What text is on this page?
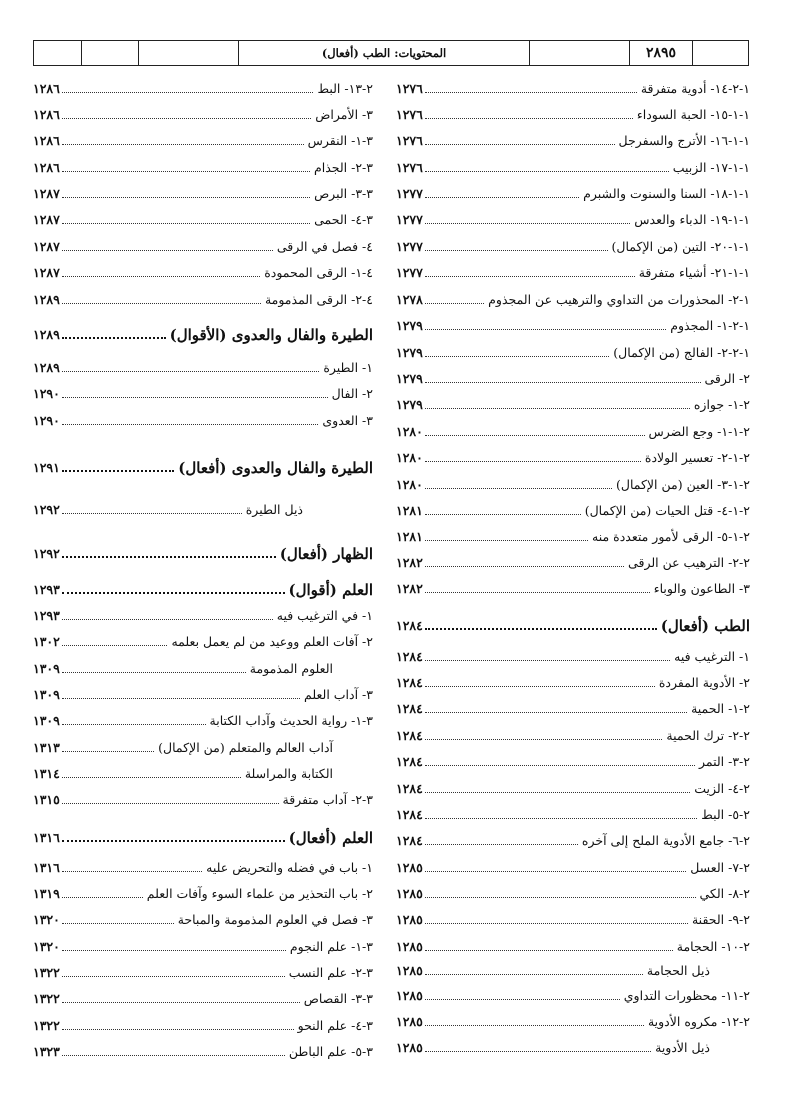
المحتويات: الطب (أفعال)	٢٨٩٥
١-٢-١٤- أدوية متفرقة
١٢٧٦
١-١-١٥- الحبة السوداء
١٢٧٦
١-١-١٦- الأترج والسفرجل
١٢٧٦
١-١-١٧- الزبيب
١٢٧٦
١-١-١٨- السنا والسنوت والشبرم
١٢٧٧
١-١-١٩- الدباء والعدس
١٢٧٧
١-١-٢٠- التين (من الإكمال)
١٢٧٧
١-١-٢١- أشياء متفرقة
١٢٧٧
١-٢- المحذورات من التداوي والترهيب عن المجذوم
١٢٧٨
١-٢-١- المجذوم
١٢٧٩
١-٢-٢- الفالج (من الإكمال)
١٢٧٩
٢- الرقى
١٢٧٩
٢-١- جوازه
١٢٧٩
٢-١-١- وجع الضرس
١٢٨٠
٢-١-٢- تعسير الولادة
١٢٨٠
٢-١-٣- العين (من الإكمال)
١٢٨٠
٢-١-٤- قتل الحيات (من الإكمال)
١٢٨١
٢-١-٥- الرقى لأمور متعددة منه
١٢٨١
٢-٢- الترهيب عن الرقى
١٢٨٢
٣- الطاعون والوباء
١٢٨٢
الطب (أفعال)
١٢٨٤
١- الترغيب فيه
١٢٨٤
٢- الأدوية المفردة
١٢٨٤
٢-١- الحمية
١٢٨٤
٢-٢- ترك الحمية
١٢٨٤
٢-٣- التمر
١٢٨٤
٢-٤- الزيت
١٢٨٤
٢-٥- البط
١٢٨٤
٢-٦- جامع الأدوية الملح إلى آخره
١٢٨٤
٢-٧- العسل
١٢٨٥
٢-٨- الكي
١٢٨٥
٢-٩- الحقنة
١٢٨٥
٢-١٠- الحجامة
١٢٨٥
ذيل الحجامة
١٢٨٥
٢-١١- محظورات التداوي
١٢٨٥
٢-١٢- مكروه الأدوية
١٢٨٥
ذيل الأدوية
١٢٨٥
٢-١٣- البط
١٢٨٦
٣- الأمراض
١٢٨٦
٣-١- النقرس
١٢٨٦
٣-٢- الجذام
١٢٨٦
٣-٣- البرص
١٢٨٧
٣-٤- الحمى
١٢٨٧
٤- فصل في الرقى
١٢٨٧
٤-١- الرقى المحمودة
١٢٨٧
٤-٢- الرقى المذمومة
١٢٨٩
الطيرة والفال والعدوى (الأقوال)
١٢٨٩
١- الطيرة
١٢٨٩
٢- الفال
١٢٩٠
٣- العدوى
١٢٩٠
الطيرة والفال والعدوى (أفعال)
١٢٩١
ذيل الطيرة
١٢٩٢
الظهار (أفعال)
١٢٩٢
العلم (أقوال)
١٢٩٣
١- في الترغيب فيه
١٢٩٣
٢- آفات العلم ووعيد من لم يعمل بعلمه
١٣٠٢
العلوم المذمومة
١٣٠٩
٣- آداب العلم
١٣٠٩
٣-١- رواية الحديث وآداب الكتابة
١٣٠٩
آداب العالم والمتعلم (من الإكمال)
١٣١٣
الكتابة والمراسلة
١٣١٤
٣-٢- آداب متفرقة
١٣١٥
العلم (أفعال)
١٣١٦
١- باب في فضله والتحريض عليه
١٣١٦
٢- باب التحذير من علماء السوء وآفات العلم
١٣١٩
٣- فصل في العلوم المذمومة والمباحة
١٣٢٠
٣-١- علم النجوم
١٣٢٠
٣-٢- علم النسب
١٣٢٢
٣-٣- القصاص
١٣٢٢
٣-٤- علم النحو
١٣٢٢
٣-٥- علم الباطن
١٣٢٣
